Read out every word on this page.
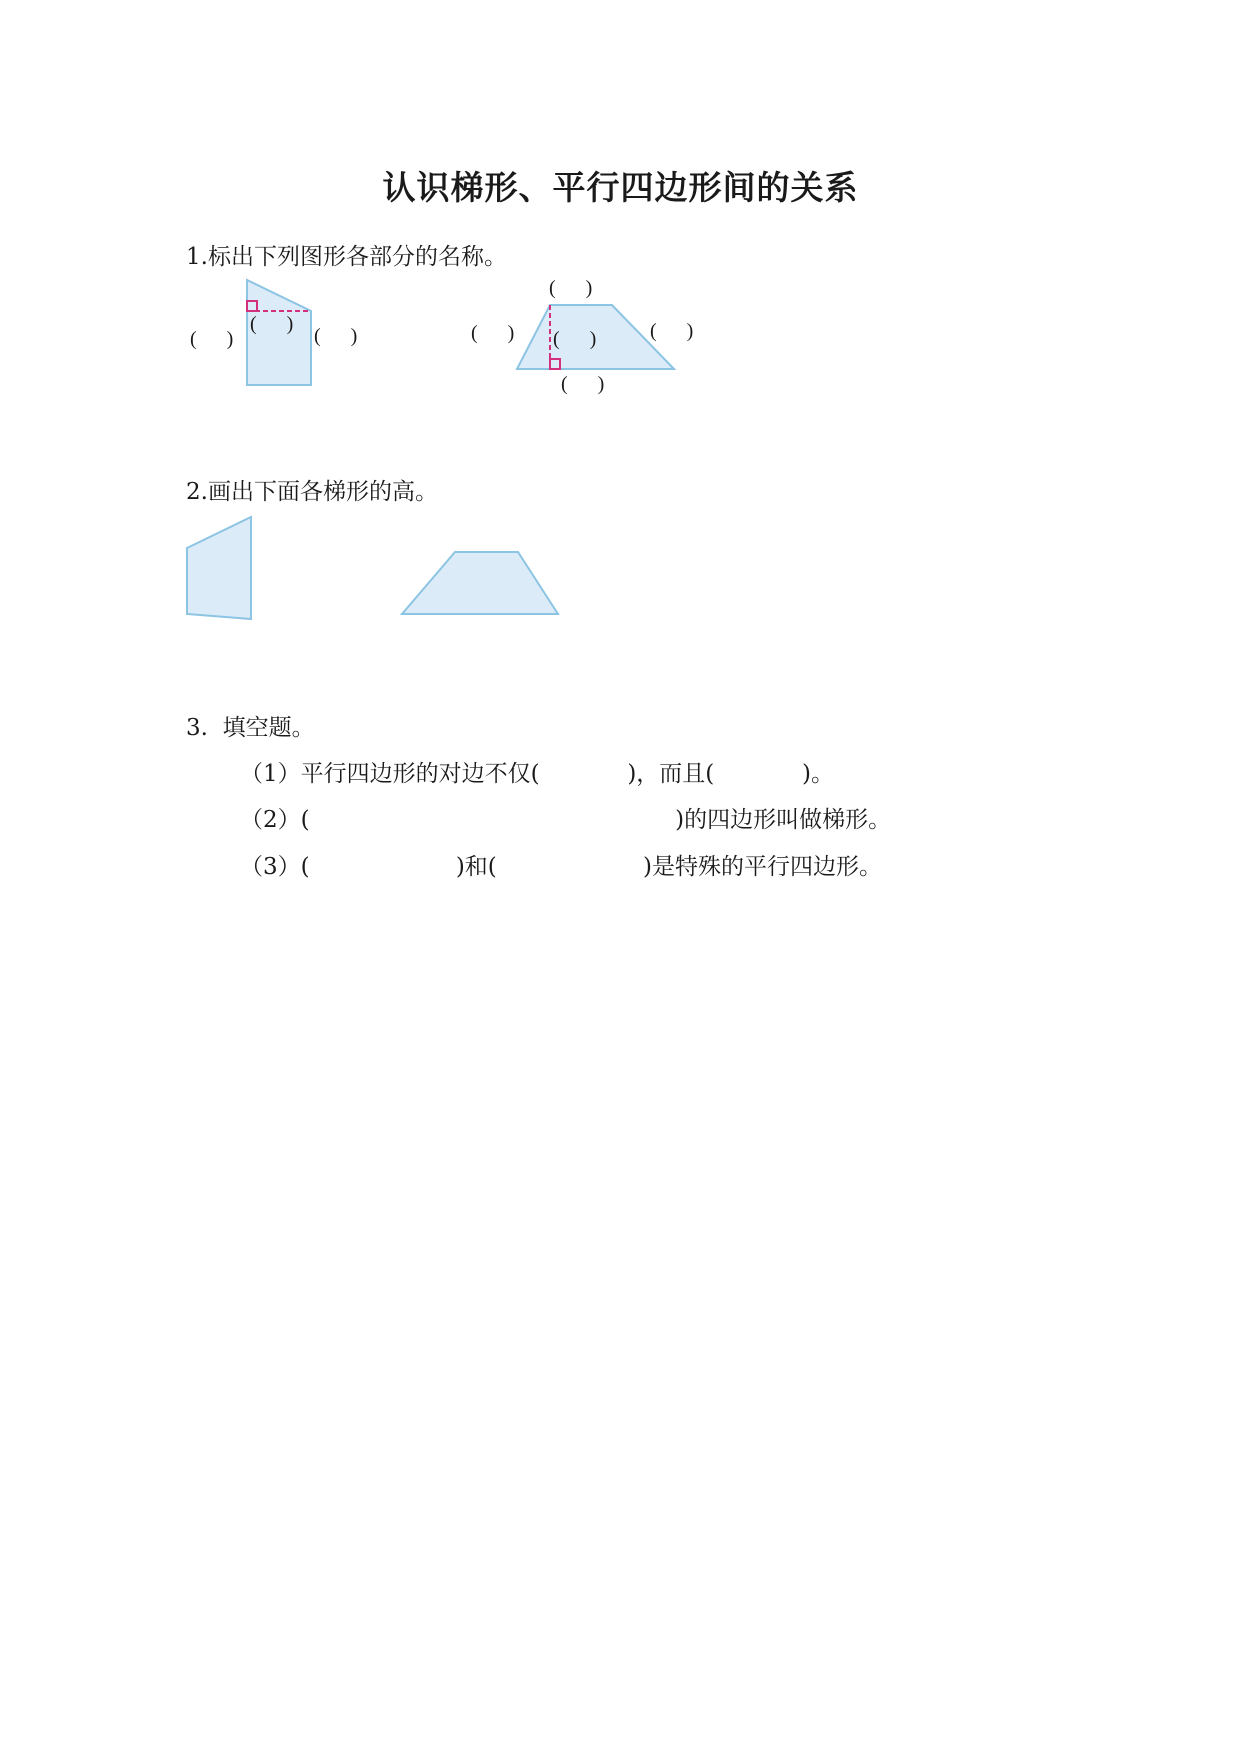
认识梯形、平行四边形间的关系
1.标出下列图形各部分的名称。
(      )
(      )
(      )
(      )
(      ) (      )	(      )
(      )
2.画出下面各梯形的高。
3.  填空题。
（1）平行四边形的对边不仅(            )，而且(            )。
（2）(                                                  )的四边形叫做梯形。
（3）(                    )和(                    )是特殊的平行四边形。
